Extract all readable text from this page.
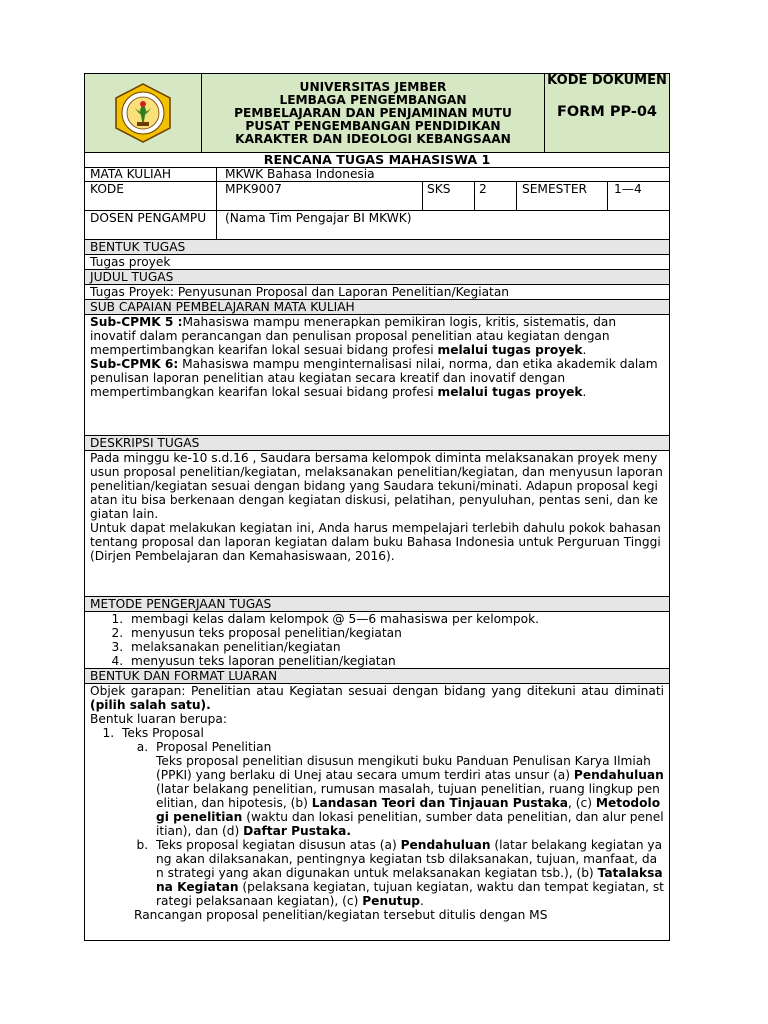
UNIVERSITAS JEMBER
LEMBAGA PENGEMBANGAN
PEMBELAJARAN DAN PENJAMINAN MUTU
PUSAT PENGEMBANGAN PENDIDIKAN
KARAKTER DAN IDEOLOGI KEBANGSAAN
KODE DOKUMEN
FORM PP-04
RENCANA TUGAS MAHASISWA 1
MATA KULIAH	MKWK Bahasa Indonesia
KODE	MPK9007	SKS	2	SEMESTER	1—4
DOSEN PENGAMPU	(Nama Tim Pengajar BI MKWK)
BENTUK TUGAS
Tugas proyek
JUDUL TUGAS
Tugas Proyek: Penyusunan Proposal dan Laporan Penelitian/Kegiatan
SUB CAPAIAN PEMBELAJARAN MATA KULIAH

Sub-CPMK 5 :Mahasiswa mampu menerapkan pemikiran logis, kritis, sistematis, dan inovatif dalam perancangan dan penulisan proposal penelitian atau kegiatan dengan mempertimbangkan kearifan lokal sesuai bidang profesi melalui tugas proyek.

Sub-CPMK 6: Mahasiswa mampu menginternalisasi nilai, norma, dan etika akademik dalam penulisan laporan penelitian atau kegiatan secara kreatif dan inovatif dengan mempertimbangkan kearifan lokal sesuai bidang profesi melalui tugas proyek.

DESKRIPSI TUGAS

Pada minggu ke-10 s.d.16 , Saudara bersama kelompok diminta melaksanakan proyek menyusun proposal penelitian/kegiatan, melaksanakan penelitian/kegiatan, dan menyusun laporan penelitian/kegiatan sesuai dengan bidang yang Saudara tekuni/minati. Adapun proposal kegiatan itu bisa berkenaan dengan kegiatan diskusi, pelatihan, penyuluhan, pentas seni, dan kegiatan lain.

Untuk dapat melakukan kegiatan ini, Anda harus mempelajari terlebih dahulu pokok bahasan tentang proposal dan laporan kegiatan dalam buku Bahasa Indonesia untuk Perguruan Tinggi (Dirjen Pembelajaran dan Kemahasiswaan, 2016).

METODE PENGERJAAN TUGAS
1. membagi kelas dalam kelompok @ 5—6 mahasiswa per kelompok.
2. menyusun teks proposal penelitian/kegiatan
3. melaksanakan penelitian/kegiatan
4. menyusun teks laporan penelitian/kegiatan
BENTUK DAN FORMAT LUARAN

Objek garapan: Penelitian atau Kegiatan sesuai dengan bidang yang ditekuni atau diminati (pilih salah satu).

Bentuk luaran berupa:

1. Teks Proposal
a. Proposal Penelitian
Teks proposal penelitian disusun mengikuti buku Panduan Penulisan Karya Ilmiah (PPKI) yang berlaku di Unej atau secara umum terdiri atas unsur (a) Pendahuluan (latar belakang penelitian, rumusan masalah, tujuan penelitian, ruang lingkup penelitian, dan hipotesis, (b) Landasan Teori dan Tinjauan Pustaka, (c) Metodologi penelitian (waktu dan lokasi penelitian, sumber data penelitian, dan alur penelitian), dan (d) Daftar Pustaka.
b. Teks proposal kegiatan disusun atas (a) Pendahuluan (latar belakang kegiatan yang akan dilaksanakan, pentingnya kegiatan tsb dilaksanakan, tujuan, manfaat, dan strategi yang akan digunakan untuk melaksanakan kegiatan tsb.), (b) Tatalaksana Kegiatan (pelaksana kegiatan, tujuan kegiatan, waktu dan tempat kegiatan, strategi pelaksanaan kegiatan), (c) Penutup.

Rancangan proposal penelitian/kegiatan tersebut ditulis dengan MS
